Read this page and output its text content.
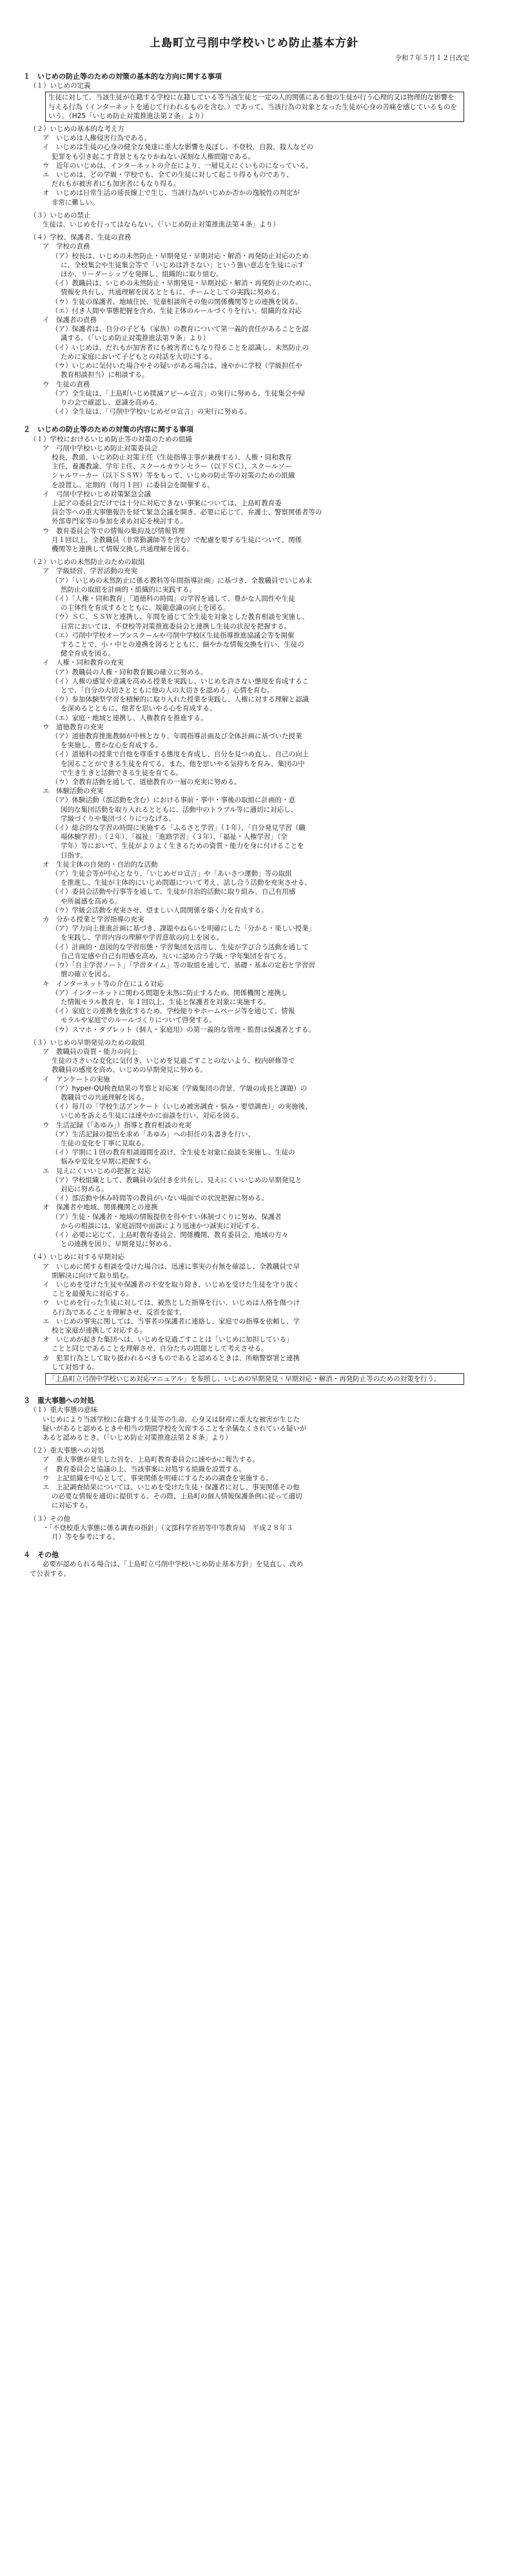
上島町立弓削中学校いじめ防止基本方針
令和７年５月１２日改定
１　いじめの防止等のための対策の基本的な方向に関する事項
（１）いじめの定義
生徒に対して、当該生徒が在籍する学校に在籍している等当該生徒と一定の人的関係にある他の生徒が行う心理的又は物理的な影響を与える行為（インターネットを通じて行われるものを含む。）であって、当該行為の対象となった生徒が心身の苦痛を感じているものをいう。（H25「いじめ防止対策推進法第２条」より）
（２）いじめの基本的な考え方
ア　いじめは人権侵害行為である。
イ　いじめは生徒の心身の健全な発達に重大な影響を及ぼし、不登校、自殺、殺人などの
犯罪をも引き起こす背景ともなりかねない深刻な人権問題である。
ウ　近年のいじめは、インターネットの介在により、一層見えにくいものになっている。
エ　いじめは、どの学級・学校でも、全ての生徒に対して起こり得るものであり、
だれもが被害者にも加害者にもなり得る。
オ　いじめは日常生活の延長線上で生じ、当該行為がいじめか否かの逸脱性の判定が
非常に難しい。
（３）いじめの禁止
生徒は、いじめを行ってはならない。（「いじめ防止対策推進法第４条」より）
（４）学校、保護者、生徒の責務
ア　学校の責務
（ア）校長は、いじめの未然防止・早期発見・早期対応・解消・再発防止対応のため
に、全校集会や生徒集会等で「いじめは許さない」という強い意志を生徒に示す
ほか、リーダーシップを発揮し、組織的に取り組む。
（イ）教職員は、いじめの未然防止・早期発見・早期対応・解消・再発防止のために、
情報を共有し、共通理解を図るとともに、チームとしての実践に努める。
（ウ）生徒の保護者、地域住民、児童相談所その他の関係機関等との連携を図る。
（エ）付き人間や事態把握を含め、生徒主体のルールづくりを行い、組織的な対応
イ　保護者の責務
（ア）保護者は、自分の子ども（家族）の教育について第一義的責任があることを認
識する。（「いじめ防止対策推進法第９条」より）
（イ）いじめは、だれもが加害者にも被害者にもなり得ることを認識し、未然防止の
ために家庭において子どもとの対話を大切にする。
（ウ）いじめに気付いた場合やその疑いがある場合は、速やかに学校（学級担任や
教育相談担当）に相談する。
ウ　生徒の責務
（ア）全生徒は、「上島町いじめ撲滅アピール宣言」の実行に努める。生徒集会や帰
りの会で確認し、意識を高める。
（イ）全生徒は、「弓削中学校いじめゼロ宣言」の実行に努める。
２　いじめの防止等のための対策の内容に関する事項
（１）学校におけるいじめ防止等の対策のための組織
ア　弓削中学校いじめ防止対策委員会
校長、教頭、いじめ防止対策主任（生徒指導主事が兼務する）、人権・同和教育
主任、養護教諭、学年主任、スクールカウンセラー（以下ＳＣ）、スクールソー
シャルワーカー（以下ＳＳＷ）等をもって、いじめの防止等の対策のための組織
を設置し、定期的（毎月１回）に委員会を開催する。
イ　弓削中学校いじめ対策緊急会議
上記アの委員会だけでは十分に対応できない事案については、上島町教育委
員会等への重大事態報告を経て緊急会議を開き、必要に応じて、弁護士、警察関係者等の
外部専門家等の参加を求め対応を検討する。
ウ　教育委員会等での情報の集約及び情報管理
月１回以上、全教職員（非常勤講師等を含む）で配慮を要する生徒について、関係
機関等と連携して情報交換し共通理解を図る。
（２）いじめの未然防止のための取組
ア　学級経営、学習活動の充実
（ア）「いじめの未然防止に係る教科等年間指導計画」に基づき、全教職員でいじめ未
然防止の取組を計画的・組織的に実践する。
（イ）「人権・同和教育」「道徳科の時間」の学習を通して、豊かな人間性や生徒
の主体性を育成するとともに、規範意識の向上を図る。
（ウ）ＳＣ、ＳＳＷと連携し、年間を通じて全生徒を対象とした教育相談を実施し、
日常においては、不登校等対策推進委員会と連携し生徒の状況を把握する。
（エ）弓削中学校オープンスクールや弓削中学校区生徒指導推進協議会等を開催
することで、小・中との連携を図るとともに、細やかな情報交換を行い、生徒の
健全育成を図る。
イ　人権・同和教育の充実
（ア）教職員の人権・同和教育観の確立に努める。
（イ）人権の感覚や意識を高める授業を実践し、いじめを許さない態度を育成するこ
とで、「自分の大切さとともに他の人の大切さを認める」心情を育む。
（ウ）参加体験型学習を積極的に取り入れた授業を実践し、人権に対する理解と認識
を深めるとともに、他者を思いやる心を育成する。
（エ）家庭・地域と連携し、人権教育を推進する。
ウ　道徳教育の充実
（ア）道徳教育推進教師が中核となり、年間指導計画及び全体計画に基づいた授業
を実施し、豊かな心を育成する。
（イ）道徳科の授業で自他を尊重する態度を育成し、自分を見つめ直し、自己の向上
を図ることができる生徒を育てる。また、他を思いやる気持ちを育み、集団の中
で生き生きと活動できる生徒を育てる。
（ウ）全教育活動を通して、道徳教育の一層の充実に努める。
エ　体験活動の充実
（ア）体験活動（部活動を含む）における事前・事中・事後の取組に計画的・意
図的な集団活動を取り入れるとともに、活動中のトラブル等に適切に対応し、
学級づくりや集団づくりにつなげる。
（イ）総合的な学習の時間に実施する「ふるさと学習」（１年）、「自分発見学習（職
場体験学習）」（２年）、「福祉」「進路学習」（３年）、「福祉・人権学習」（全
学年）等において、生徒がよりよく生きるための資質・能力を身に付けることを
目指す。
オ　生徒主体の自発的・自治的な活動
（ア）生徒会等が中心となり、「いじめゼロ宣言」や「あいさつ運動」等の取組
を推進し、生徒が主体的にいじめ問題について考え、話し合う活動を充実させる。
（イ）委員会活動や行事等を通して、生徒が自治的活動に取り組み、自己有用感
や所属感を高める。
（ウ）学級会活動を充実させ、望ましい人間関係を築く力を育成する。
カ　分かる授業と学習指導の充実
（ア）学力向上推進計画に基づき、課題やねらいを明確にした「分かる・楽しい授業」
を実践し、学習内容の理解や学習意欲の向上を図る。
（イ）計画的・意図的な学習形態・学習集団を活用し、生徒が学び合う活動を通して
自己肯定感や自己有用感を高め、互いに認め合う学級・学年集団を育てる。
（ウ）「自主学習ノート」「学習タイム」等の取組を通して、基礎・基本の定着と学習習
慣の確立を図る。
キ　インターネット等の介在による対応
（ア）インターネットに関わる問題を未然に防止するため、関係機関と連携し
た情報モラル教育を、年１回以上、生徒と保護者を対象に実施する。
（イ）家庭との連携を強化するため、学校便りやホームページ等を通じて、情報
モラルや家庭でのルールづくりについて啓発する。
（ウ）スマホ・タブレット（個人・家庭用）の第一義的な管理・監督は保護者とする。
（３）いじめの早期発見のための取組
ア　教職員の資質・能力の向上
生徒のささいな変化に気付き、いじめを見過ごすことのないよう、校内研修等で
教職員の感度を高め、いじめの早期発見に努める。
イ　アンケートの実施
（ア）hyper-QU検査結果の考察と対応案（学級集団の背景、学級の成長と課題）の
教職員での共通理解を図る。
（イ）毎月の「学校生活アンケート（いじめ被害調査・悩み・要望調査）」の実施後、
いじめを訴える生徒には速やかに面談を行い、対応を図る。
ウ　生活記録（「あゆみ」）指導と教育相談の充実
（ア）生活記録の提出を求め「あゆみ」への担任の朱書きを行い、
生徒の変化を丁寧に見取る。
（イ）学期に１回の教育相談週間を設け、全生徒を対象に面談を実施し、生徒の
悩みや変化を早期に把握する。
エ　見えにくいいじめの把握と対応
（ア）学校組織として、教職員の気付きを共有し、見えにくいいじめの早期発見と
対応に努める。
（イ）部活動や休み時間等の教員がいない場面での状況把握に努める。
オ　保護者や地域、関係機関との連携
（ア）生徒・保護者・地域の情報提供を得やすい体制づくりに努め、保護者
からの相談には、家庭訪問や面談により迅速かつ誠実に対応する。
（イ）必要に応じて、上島町教育委員会、関係機関、教育委員会、地域の方々
との連携を図り、早期発見に努める。
（４）いじめに対する早期対応
ア　いじめに関する相談を受けた場合は、迅速に事実の有無を確認し、全教職員で早
期解決に向けて取り組む。
イ　いじめを受けた生徒や保護者の不安を取り除き、いじめを受けた生徒を守り抜く
ことを最優先に対応する。
ウ　いじめを行った生徒に対しては、毅然とした指導を行い、いじめは人格を傷つけ
る行為であることを理解させ、反省を促す。
エ　いじめの事実に関しては、当事者の保護者に連絡し、家庭での指導を依頼し、学
校と家庭が連携して対応する。
オ　いじめが起きた集団へは、いじめを見過ごすことは「いじめに加担している」
ことと同じであることを理解させ、自分たちの問題として考えさせる。
カ　犯罪行為として取り扱われるべきものであると認めるときは、所轄警察署と連携
して対処する。
「上島町立弓削中学校いじめ対応マニュアル」を参照し、いじめの早期発見・早期対応・解消・再発防止等のための対策を行う。
３　重大事態への対処
（１）重大事態の意味
いじめにより当該学校に在籍する生徒等の生命、心身又は財産に重大な被害が生じた
疑いがあると認めるときや相当の期間学校を欠席することを余儀なくされている疑いが
あると認めるとき。（「いじめ防止対策推進法第２８条」より）
（２）重大事態への対処
ア　重大事態が発生した旨を、上島町教育委員会に速やかに報告する。
イ　教育委員会と協議の上、当該事案に対処する組織を設置する。
ウ　上記組織を中心として、事実関係を明確にするための調査を実施する。
エ　上記調査結果については、いじめを受けた生徒・保護者に対し、事実関係その他
の必要な情報を適切に提供する。その際、上島町の個人情報保護条例に従って適切
に対応する。
（３）その他
・「不登校重大事態に係る調査の指針」（文部科学省初等中等教育局　平成２８年３
月）等を参考にする。
４　その他
必要が認められる場合は、「上島町立弓削中学校いじめ防止基本方針」を見直し、改め
て公表する。
